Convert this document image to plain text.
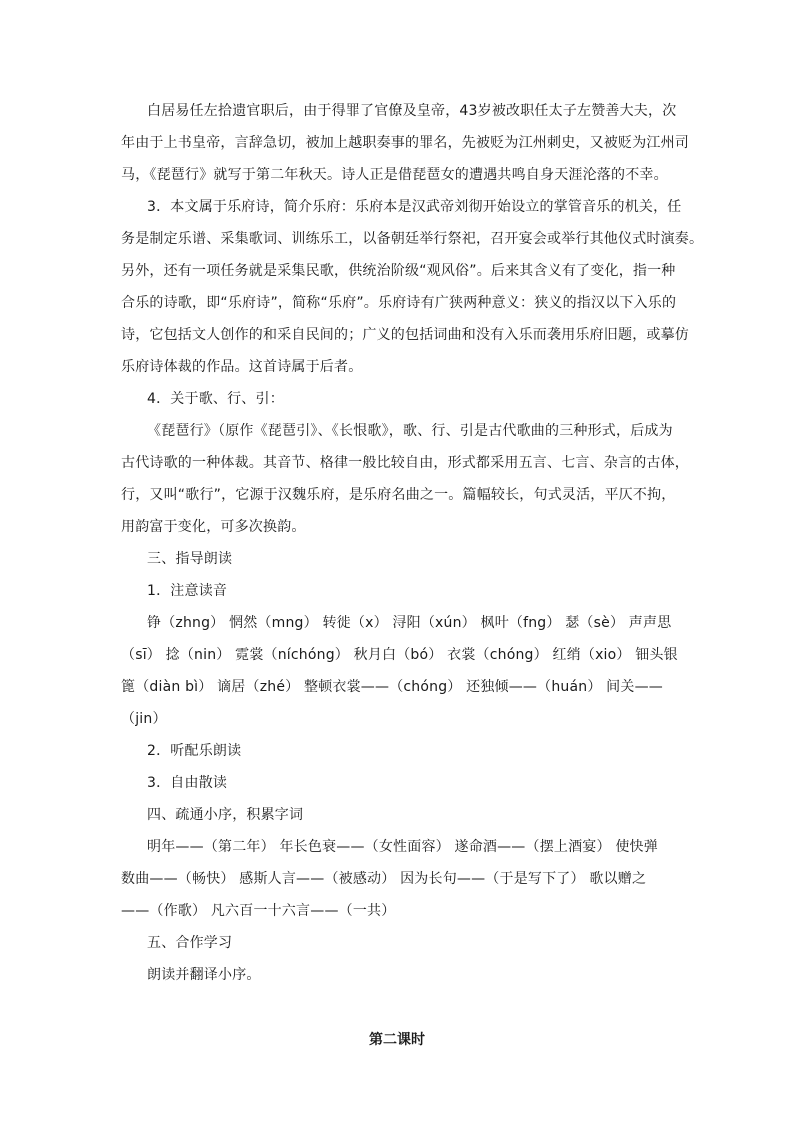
白居易任左拾遗官职后，由于得罪了官僚及皇帝，43岁被改职任太子左赞善大夫，次
年由于上书皇帝，言辞急切，被加上越职奏事的罪名，先被贬为江州刺史，又被贬为江州司
马，《琵琶行》就写于第二年秋天。诗人正是借琵琶女的遭遇共鸣自身天涯沦落的不幸。
3．本文属于乐府诗，简介乐府：乐府本是汉武帝刘彻开始设立的掌管音乐的机关，任
务是制定乐谱、采集歌词、训练乐工，以备朝廷举行祭祀，召开宴会或举行其他仪式时演奏。
另外，还有一项任务就是采集民歌，供统治阶级“观风俗”。后来其含义有了变化，指一种
合乐的诗歌，即“乐府诗”，简称“乐府”。乐府诗有广狭两种意义：狭义的指汉以下入乐的
诗，它包括文人创作的和采自民间的；广义的包括词曲和没有入乐而袭用乐府旧题，或摹仿
乐府诗体裁的作品。这首诗属于后者。
4．关于歌、行、引：
《琵琶行》（原作《琵琶引》、《长恨歌》，歌、行、引是古代歌曲的三种形式，后成为
古代诗歌的一种体裁。其音节、格律一般比较自由，形式都采用五言、七言、杂言的古体，
行，又叫“歌行”，它源于汉魏乐府，是乐府名曲之一。篇幅较长，句式灵活，平仄不拘，
用韵富于变化，可多次换韵。
三、指导朗读
1．注意读音
铮（zhng） 惘然（mng） 转徙（x） 浔阳（xún） 枫叶（fng） 瑟（sè） 声声思
（sī） 捻（nin） 霓裳（níchóng） 秋月白（bó） 衣裳（chóng） 红绡（xio） 钿头银
篦（diàn bì） 谪居（zhé） 整顿衣裳——（chóng） 还独倾——（huán） 间关——
（jin）
2．听配乐朗读
3．自由散读
四、疏通小序，积累字词
明年——（第二年） 年长色衰——（女性面容） 遂命酒——（摆上酒宴） 使快弹
数曲——（畅快） 感斯人言——（被感动） 因为长句——（于是写下了） 歌以赠之
——（作歌） 凡六百一十六言——（一共）
五、合作学习
朗读并翻译小序。
第二课时
